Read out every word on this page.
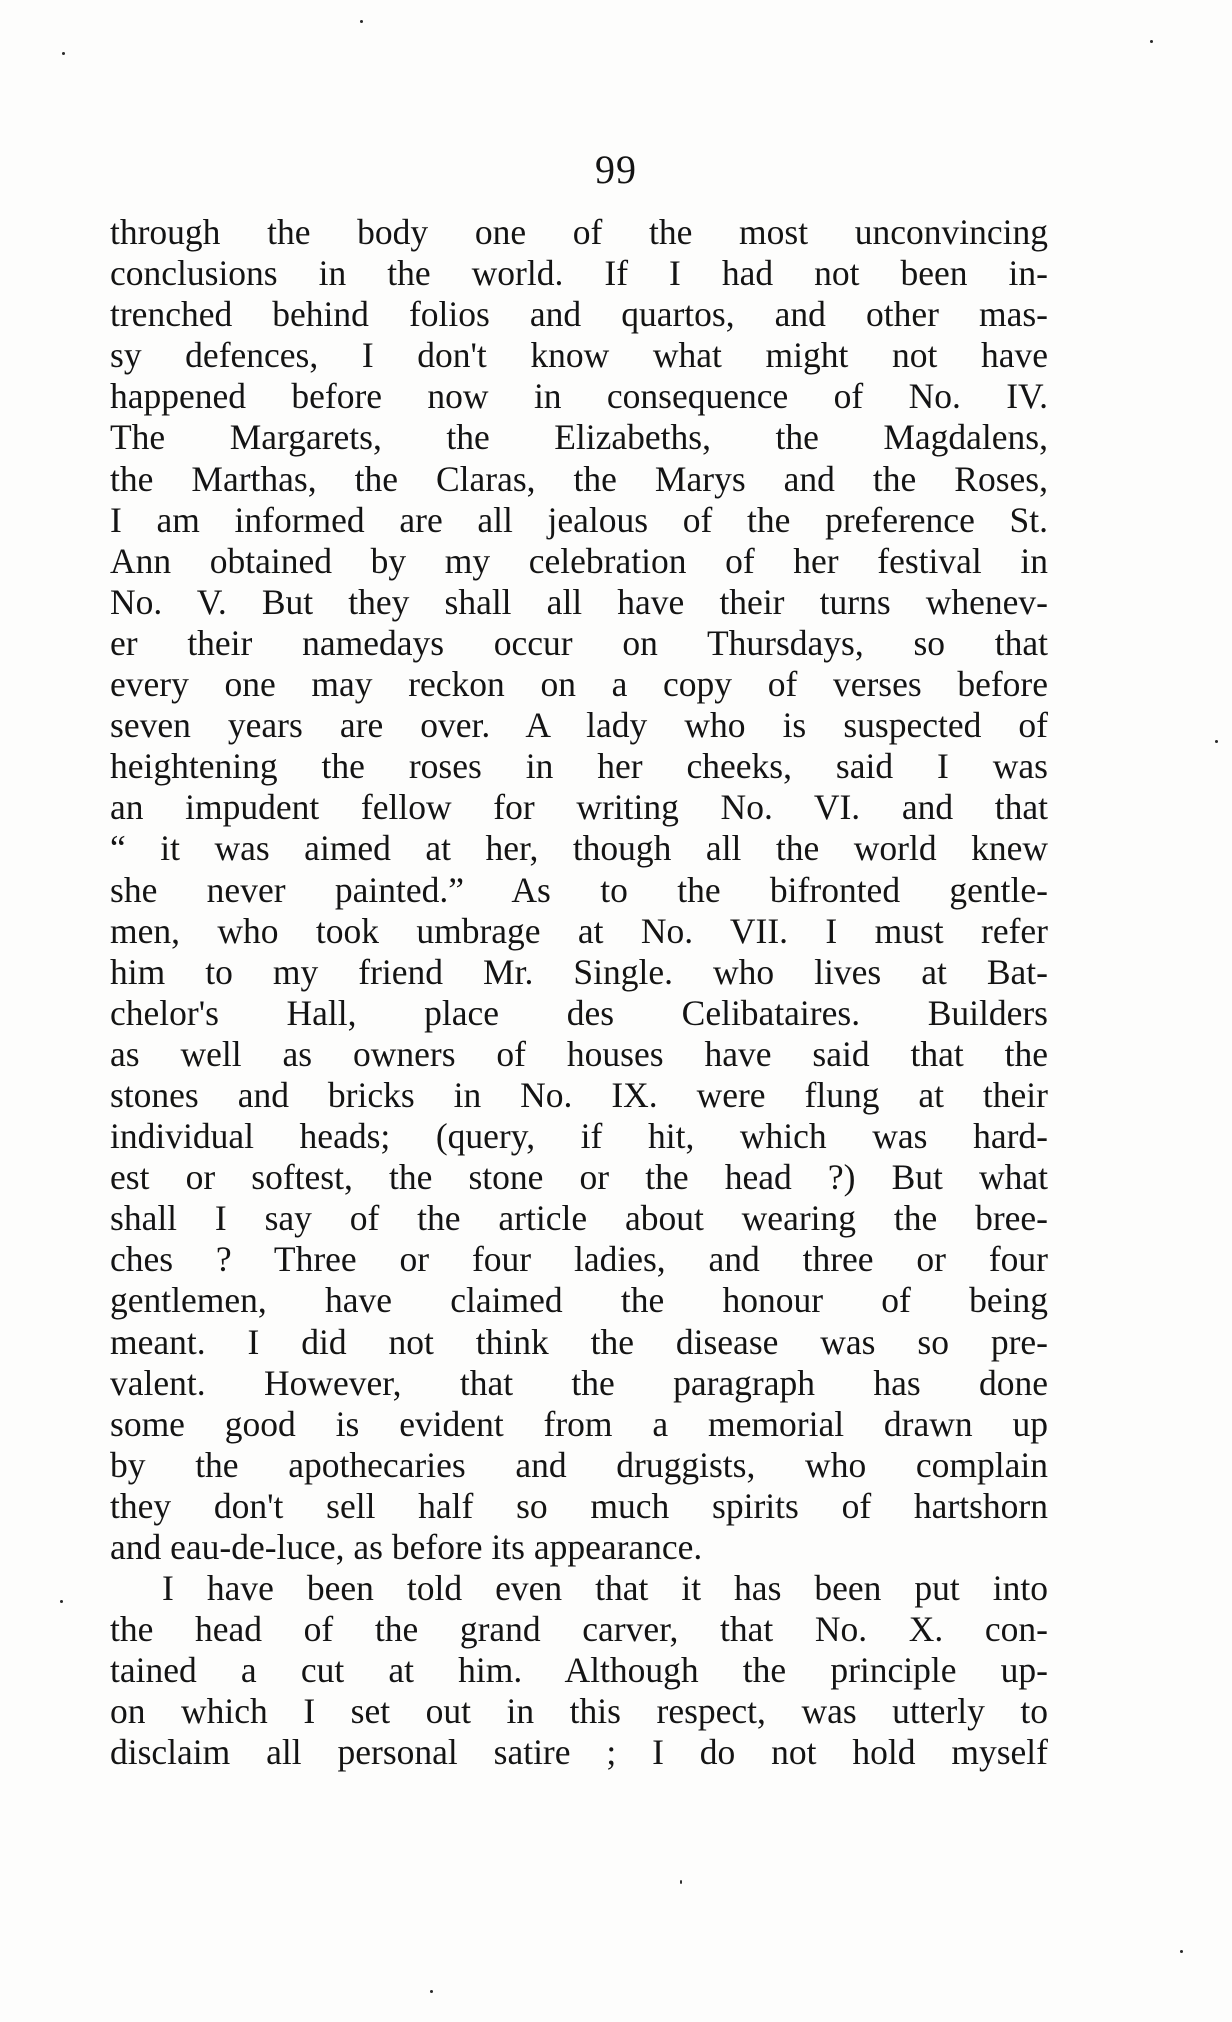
99
through the body one of the most unconvincing
conclusions in the world. If I had not been in-
trenched behind folios and quartos, and other mas-
sy defences, I don't know what might not have
happened before now in consequence of No. IV.
The Margarets, the Elizabeths, the Magdalens,
the Marthas, the Claras, the Marys and the Roses,
I am informed are all jealous of the preference St.
Ann obtained by my celebration of her festival in
No. V. But they shall all have their turns whenev-
er their namedays occur on Thursdays, so that
every one may reckon on a copy of verses before
seven years are over. A lady who is suspected of
heightening the roses in her cheeks, said I was
an impudent fellow for writing No. VI. and that
“ it was aimed at her, though all the world knew
she never painted.” As to the bifronted gentle-
men, who took umbrage at No. VII. I must refer
him to my friend Mr. Single. who lives at Bat-
chelor's Hall, place des Celibataires. Builders
as well as owners of houses have said that the
stones and bricks in No. IX. were flung at their
individual heads; (query, if hit, which was hard-
est or softest, the stone or the head ?) But what
shall I say of the article about wearing the bree-
ches ? Three or four ladies, and three or four
gentlemen, have claimed the honour of being
meant. I did not think the disease was so pre-
valent. However, that the paragraph has done
some good is evident from a memorial drawn up
by the apothecaries and druggists, who complain
they don't sell half so much spirits of hartshorn
and eau-de-luce, as before its appearance.
I have been told even that it has been put into
the head of the grand carver, that No. X. con-
tained a cut at him. Although the principle up-
on which I set out in this respect, was utterly to
disclaim all personal satire ; I do not hold myself
